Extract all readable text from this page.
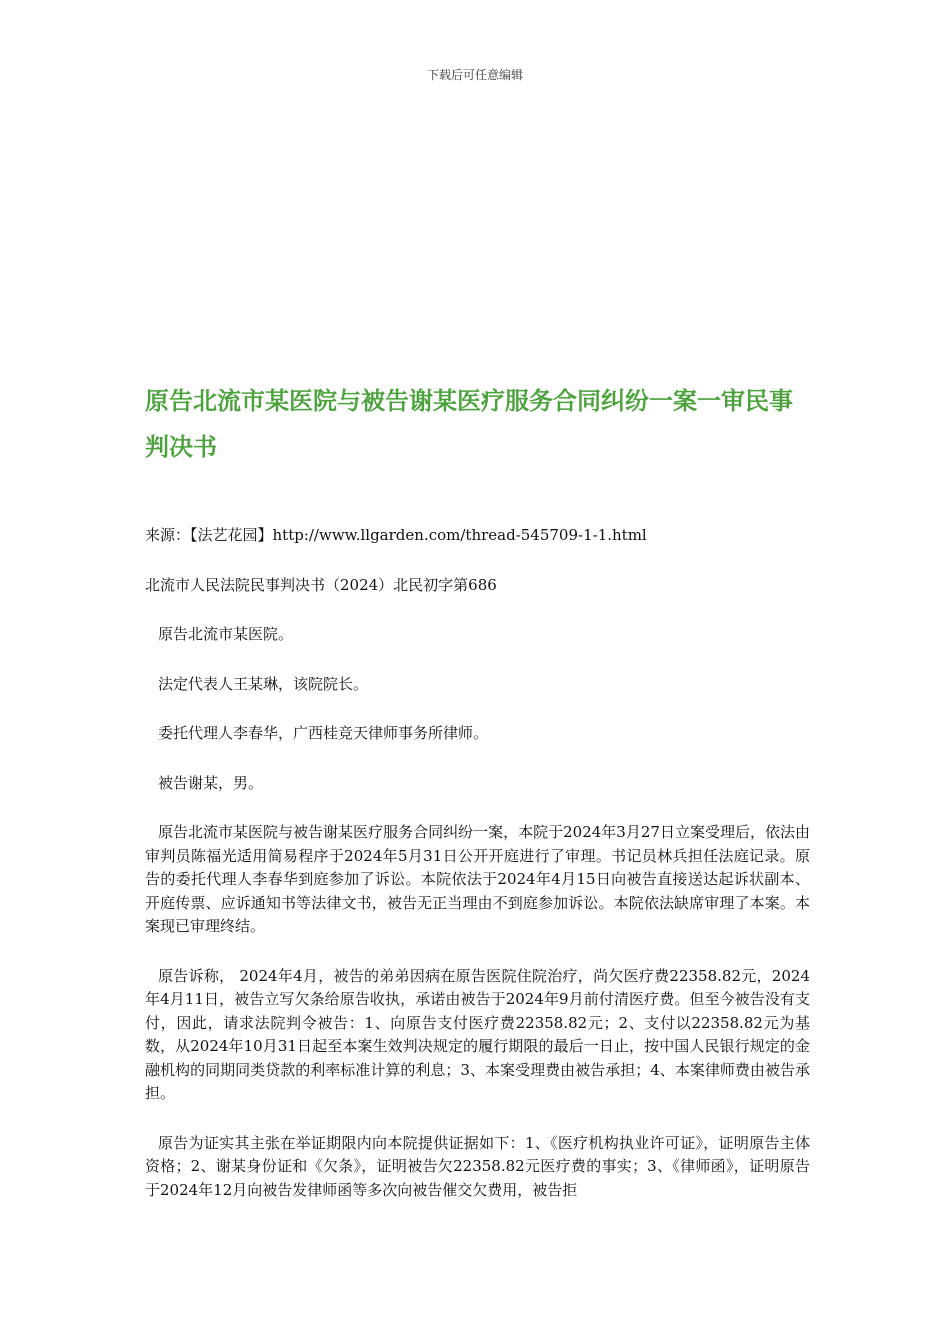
下载后可任意编辑
原告北流市某医院与被告谢某医疗服务合同纠纷一案一审民事判决书

来源：【法艺花园】http://www.llgarden.com/thread-545709-1-1.html

北流市人民法院民事判决书（2024）北民初字第686

原告北流市某医院。

法定代表人王某琳，该院院长。

委托代理人李春华，广西桂竞天律师事务所律师。

被告谢某，男。

原告北流市某医院与被告谢某医疗服务合同纠纷一案，本院于2024年3月27日立案受理后，依法由审判员陈福光适用简易程序于2024年5月31日公开开庭进行了审理。书记员林兵担任法庭记录。原告的委托代理人李春华到庭参加了诉讼。本院依法于2024年4月15日向被告直接送达起诉状副本、开庭传票、应诉通知书等法律文书，被告无正当理由不到庭参加诉讼。本院依法缺席审理了本案。本案现已审理终结。

原告诉称， 2024年4月，被告的弟弟因病在原告医院住院治疗，尚欠医疗费22358.82元，2024年4月11日，被告立写欠条给原告收执，承诺由被告于2024年9月前付清医疗费。但至今被告没有支付，因此，请求法院判令被告：1、向原告支付医疗费22358.82元；2、支付以22358.82元为基数，从2024年10月31日起至本案生效判决规定的履行期限的最后一日止，按中国人民银行规定的金融机构的同期同类贷款的利率标准计算的利息；3、本案受理费由被告承担；4、本案律师费由被告承担。

原告为证实其主张在举证期限内向本院提供证据如下：1、《医疗机构执业许可证》，证明原告主体资格；2、谢某身份证和《欠条》，证明被告欠22358.82元医疗费的事实；3、《律师函》，证明原告于2024年12月向被告发律师函等多次向被告催交欠费用，被告拒
